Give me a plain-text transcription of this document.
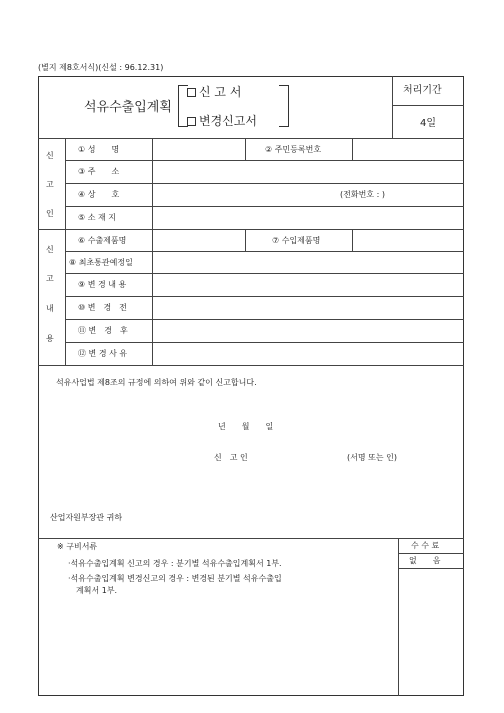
(별지 제8호서식)(신설 : 96.12.31)
석유수출입계획
신 고 서
변경신고서
처리기간
4일
신
고
인
① 성　　명	② 주민등록번호
③ 주　　소
④ 상　　호	(전화번호 : )
⑤ 소 재 지
신
고
내
용
⑥ 수출제품명	⑦ 수입제품명
⑧ 최초통관예정일
⑨ 변 경 내 용
⑩ 변　경　전
⑪ 변　경　후
⑫ 변 경 사 유
석유사업법 제8조의 규정에 의하여 위와 같이 신고합니다.
년　　월　　일
신　고 인	(서명 또는 인)
산업자원부장관 귀하
※ 구비서류
·석유수출입계획 신고의 경우 : 분기별 석유수출입계획서 1부.
·석유수출입계획 변경신고의 경우 : 변경된 분기별 석유수출입
계획서 1부.
수 수 료
없　　음
